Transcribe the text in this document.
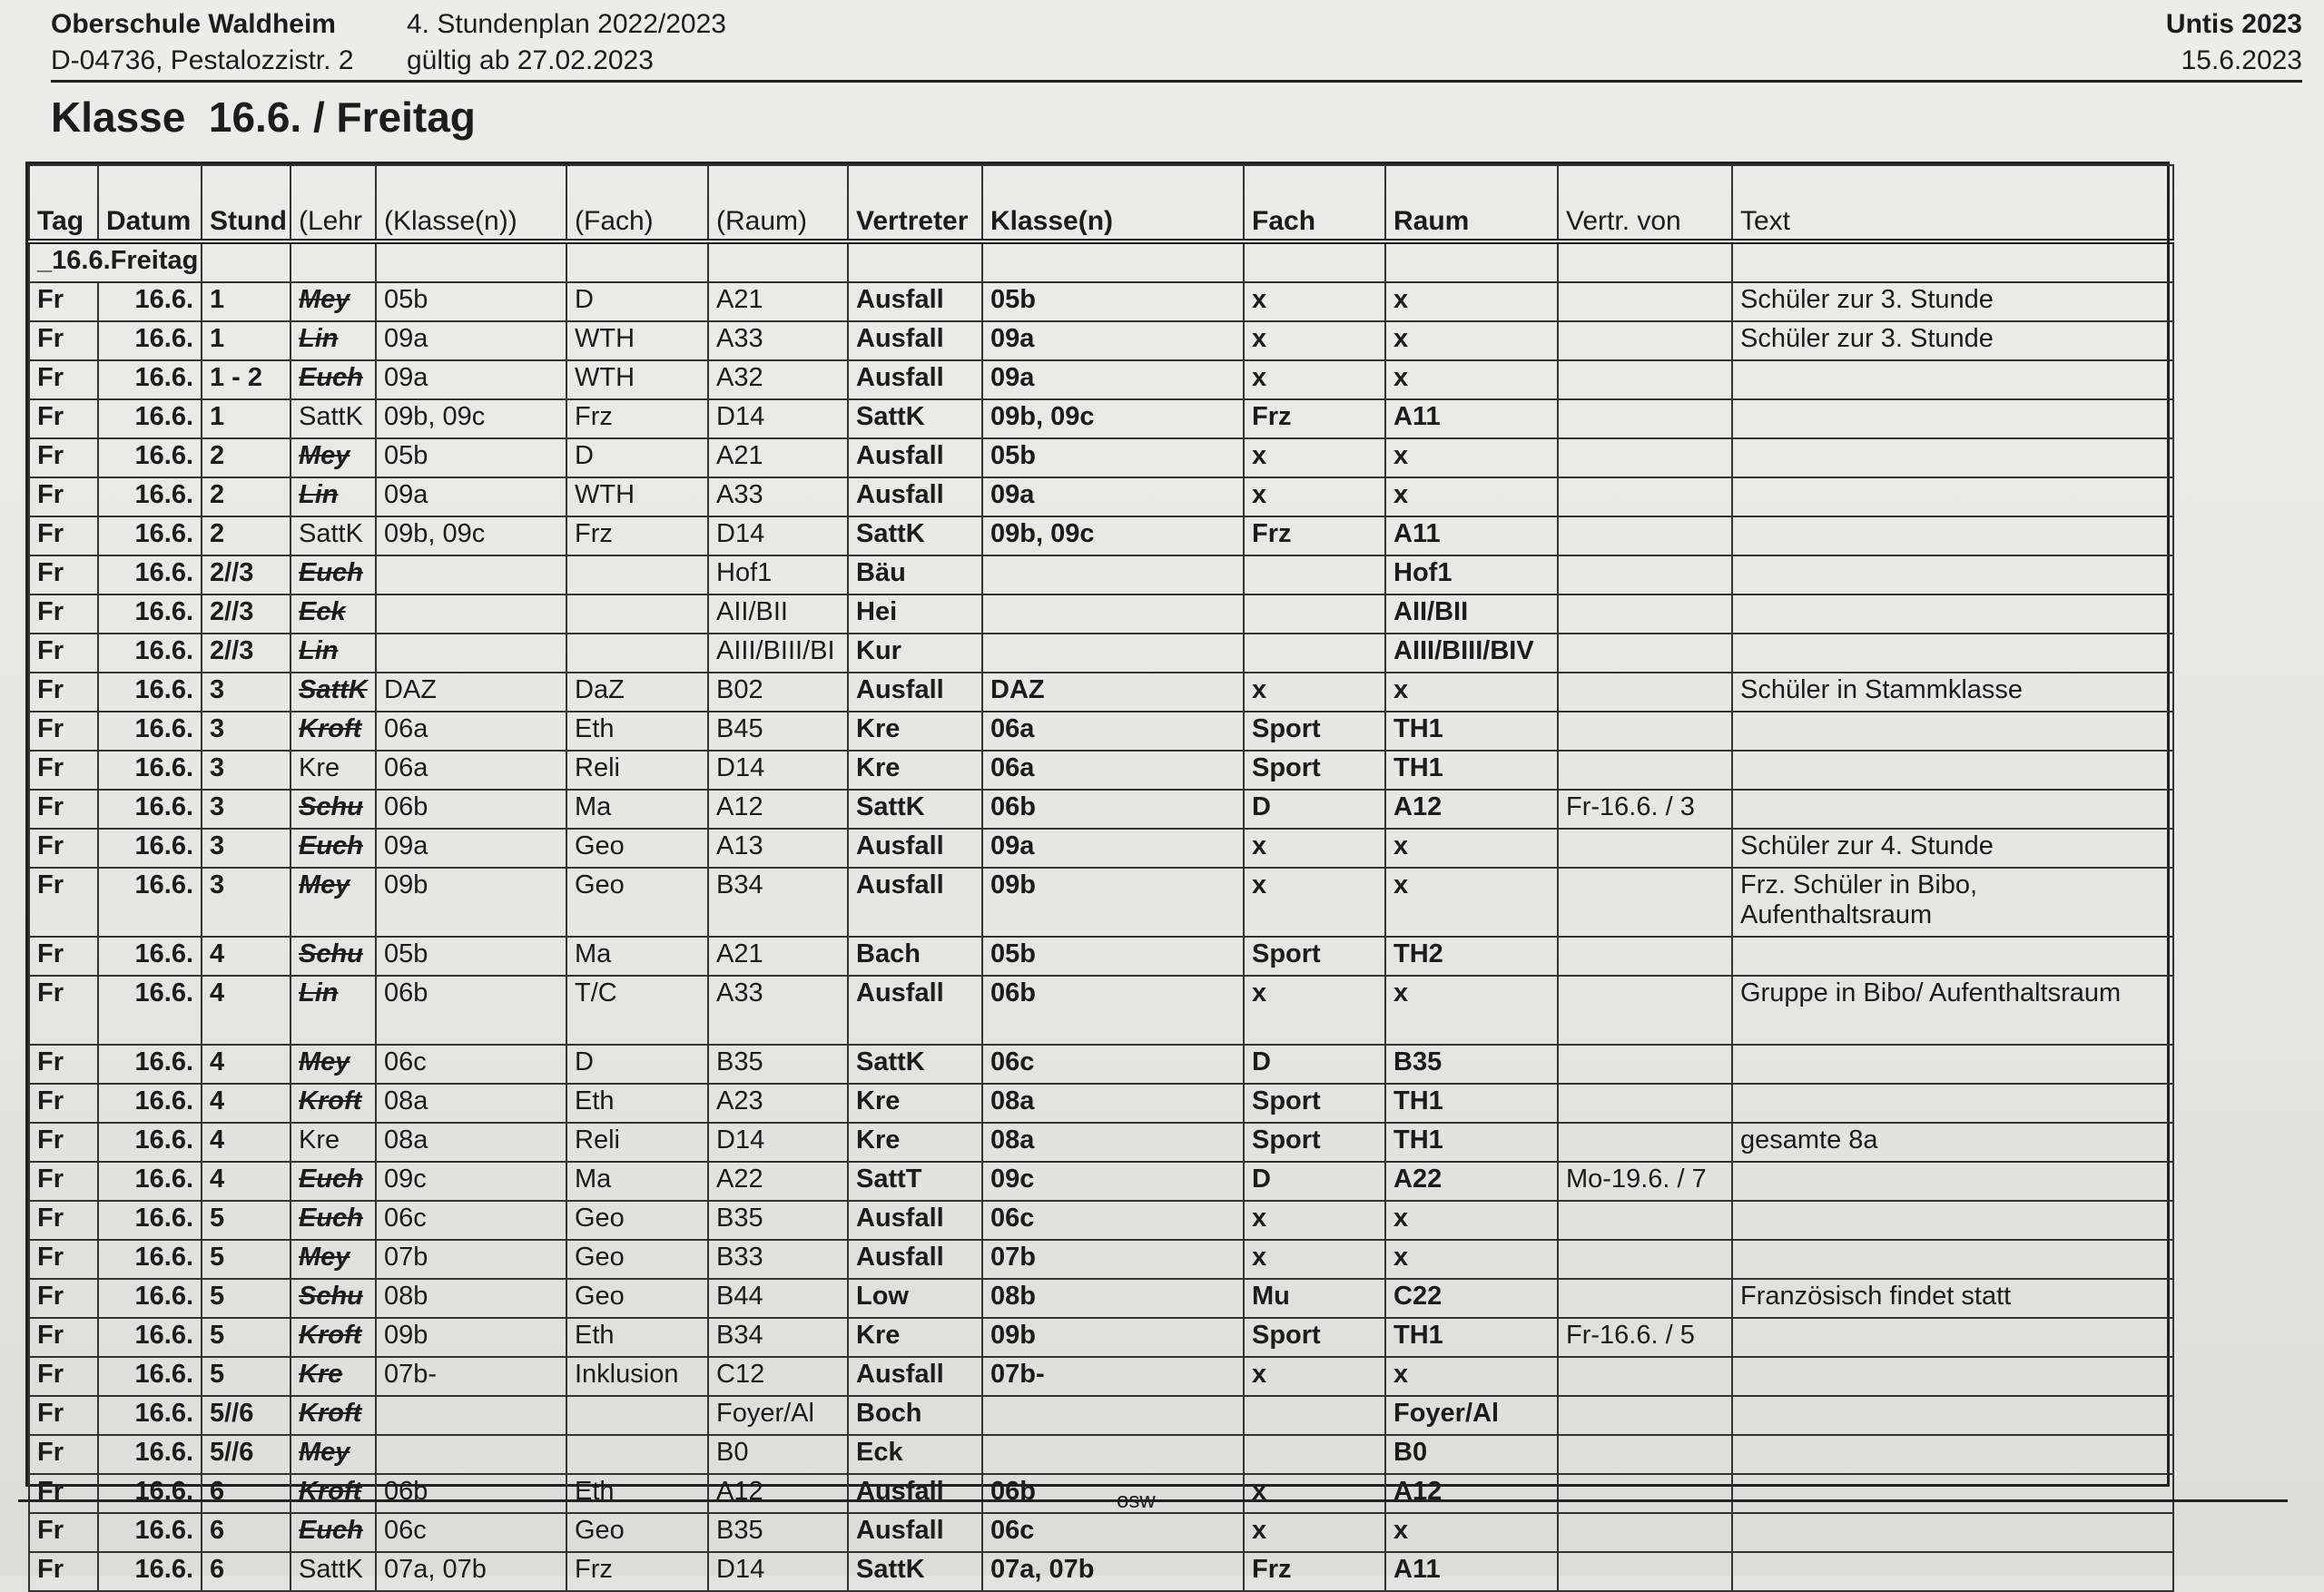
Oberschule Waldheim	4. Stundenplan 2022/2023	Untis 2023
D-04736, Pestalozzistr. 2 gültig ab 27.02.2023	15.6.2023
Klasse  16.6. / Freitag
Tag	Datum	Stund	(Lehr	(Klasse(n))	(Fach)	(Raum)	Vertreter	Klasse(n)	Fach	Raum	Vertr. von	Text
_16.6.Freitag												
Fr	16.6.	1	Mey	05b	D	A21	Ausfall	05b	x	x		Schüler zur 3. Stunde
Fr	16.6.	1	Lin	09a	WTH	A33	Ausfall	09a	x	x		Schüler zur 3. Stunde
Fr	16.6.	1 - 2	Euch	09a	WTH	A32	Ausfall	09a	x	x		
Fr	16.6.	1	SattK	09b, 09c	Frz	D14	SattK	09b, 09c	Frz	A11		
Fr	16.6.	2	Mey	05b	D	A21	Ausfall	05b	x	x		
Fr	16.6.	2	Lin	09a	WTH	A33	Ausfall	09a	x	x		
Fr	16.6.	2	SattK	09b, 09c	Frz	D14	SattK	09b, 09c	Frz	A11		
Fr	16.6.	2//3	Euch			Hof1	Bäu			Hof1		
Fr	16.6.	2//3	Eck			AII/BII	Hei			AII/BII		
Fr	16.6.	2//3	Lin			AIII/BIII/BI	Kur			AIII/BIII/BIV		
Fr	16.6.	3	SattK	DAZ	DaZ	B02	Ausfall	DAZ	x	x		Schüler in Stammklasse
Fr	16.6.	3	Kroft	06a	Eth	B45	Kre	06a	Sport	TH1		
Fr	16.6.	3	Kre	06a	Reli	D14	Kre	06a	Sport	TH1		
Fr	16.6.	3	Schu	06b	Ma	A12	SattK	06b	D	A12	Fr-16.6. / 3	
Fr	16.6.	3	Euch	09a	Geo	A13	Ausfall	09a	x	x		Schüler zur 4. Stunde
Fr	16.6.	3	Mey	09b	Geo	B34	Ausfall	09b	x	x		Frz. Schüler in Bibo, Aufenthaltsraum
Fr	16.6.	4	Schu	05b	Ma	A21	Bach	05b	Sport	TH2		
Fr	16.6.	4	Lin	06b	T/C	A33	Ausfall	06b	x	x		Gruppe in Bibo/ Aufenthaltsraum
Fr	16.6.	4	Mey	06c	D	B35	SattK	06c	D	B35		
Fr	16.6.	4	Kroft	08a	Eth	A23	Kre	08a	Sport	TH1		
Fr	16.6.	4	Kre	08a	Reli	D14	Kre	08a	Sport	TH1		gesamte 8a
Fr	16.6.	4	Euch	09c	Ma	A22	SattT	09c	D	A22	Mo-19.6. / 7	
Fr	16.6.	5	Euch	06c	Geo	B35	Ausfall	06c	x	x		
Fr	16.6.	5	Mey	07b	Geo	B33	Ausfall	07b	x	x		
Fr	16.6.	5	Schu	08b	Geo	B44	Low	08b	Mu	C22		Französisch findet statt
Fr	16.6.	5	Kroft	09b	Eth	B34	Kre	09b	Sport	TH1	Fr-16.6. / 5	
Fr	16.6.	5	Kre	07b-	Inklusion	C12	Ausfall	07b-	x	x		
Fr	16.6.	5//6	Kroft			Foyer/Al	Boch			Foyer/Al		
Fr	16.6.	5//6	Mey			B0	Eck			B0		
Fr	16.6.	6	Kroft	06b	Eth	A12	Ausfall	06b	x	A12		
Fr	16.6.	6	Euch	06c	Geo	B35	Ausfall	06c	x	x		
Fr	16.6.	6	SattK	07a, 07b	Frz	D14	SattK	07a, 07b	Frz	A11		
osw
